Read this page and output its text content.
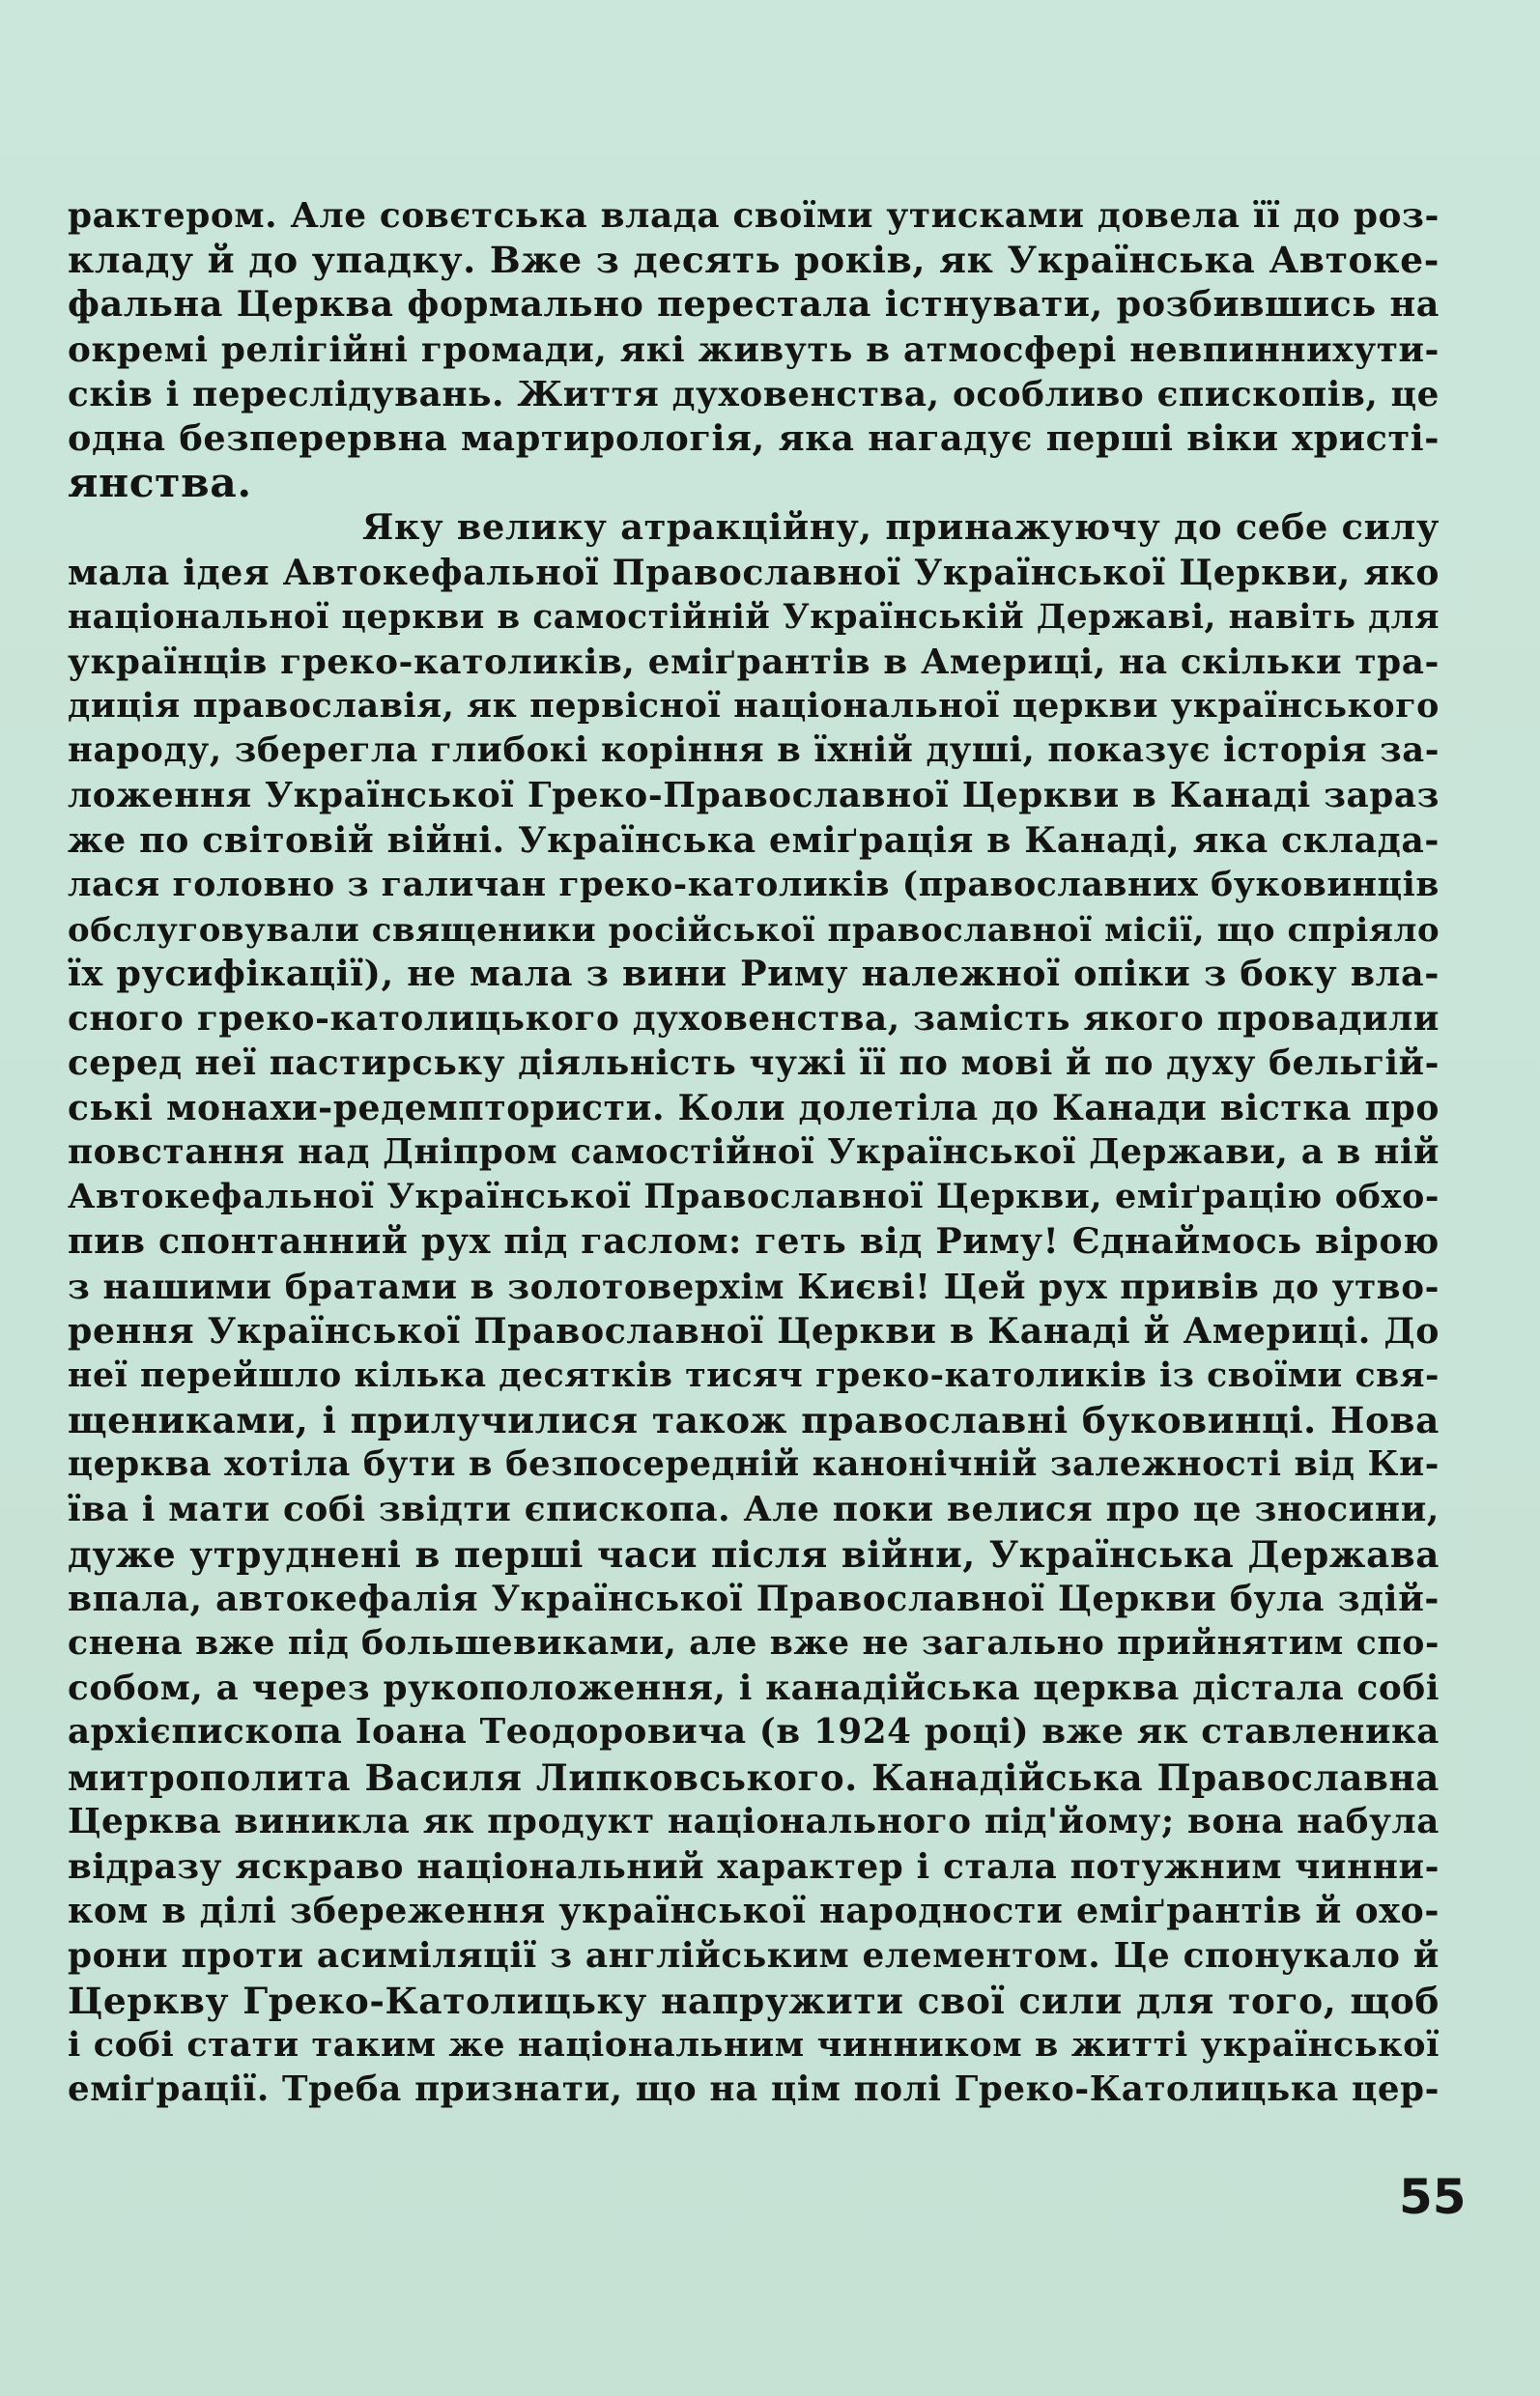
рактером. Але совєтська влада своїми утисками довела її до роз-
кладу й до упадку. Вже з десять років, як Українська Автоке-
фальна Церква формально перестала істнувати, розбившись на
окремі релігійні громади, які живуть в атмосфері невпиннихути-
сків і переслідувань. Життя духовенства, особливо єпископів, це
одна безперервна мартирологія, яка нагадує перші віки христі-
янства.
Яку велику атракційну, принажуючу до себе силу
мала ідея Автокефальної Православної Української Церкви, яко
національної церкви в самостійній Українській Державі, навіть для
українців греко-католиків, еміґрантів в Америці, на скільки тра-
диція православія, як первісної національної церкви українського
народу, зберегла глибокі коріння в їхній душі, показує історія за-
ложення Української Греко-Православної Церкви в Канаді зараз
же по світовій війні. Українська еміґрація в Канаді, яка склада-
лася головно з галичан греко-католиків (православних буковинців
обслуговували священики російської православної місії, що спріяло
їх русифікації), не мала з вини Риму належної опіки з боку вла-
сного греко-католицького духовенства, замість якого провадили
серед неї пастирську діяльність чужі її по мові й по духу бельгій-
ські монахи-редемптористи. Коли долетіла до Канади вістка про
повстання над Дніпром самостійної Української Держави, а в ній
Автокефальної Української Православної Церкви, еміґрацію обхо-
пив спонтанний рух під гаслом: геть від Риму! Єднаймось вірою
з нашими братами в золотоверхім Києві! Цей рух привів до утво-
рення Української Православної Церкви в Канаді й Америці. До
неї перейшло кілька десятків тисяч греко-католиків із своїми свя-
щениками, і прилучилися також православні буковинці. Нова
церква хотіла бути в безпосередній канонічній залежності від Ки-
їва і мати собі звідти єпископа. Але поки велися про це зносини,
дуже утруднені в перші часи після війни, Українська Держава
впала, автокефалія Української Православної Церкви була здій-
снена вже під большевиками, але вже не загально прийнятим спо-
собом, а через рукоположення, і канадійська церква дістала собі
архієпископа Іоана Теодоровича (в 1924 році) вже як ставленика
митрополита Василя Липковського. Канадійська Православна
Церква виникла як продукт національного під'йому; вона набула
відразу яскраво національний характер і стала потужним чинни-
ком в ділі збереження української народности еміґрантів й охо-
рони проти асиміляції з англійським елементом. Це спонукало й
Церкву Греко-Католицьку напружити свої сили для того, щоб
і собі стати таким же національним чинником в житті української
еміґрації. Треба признати, що на цім полі Греко-Католицька цер-
55
